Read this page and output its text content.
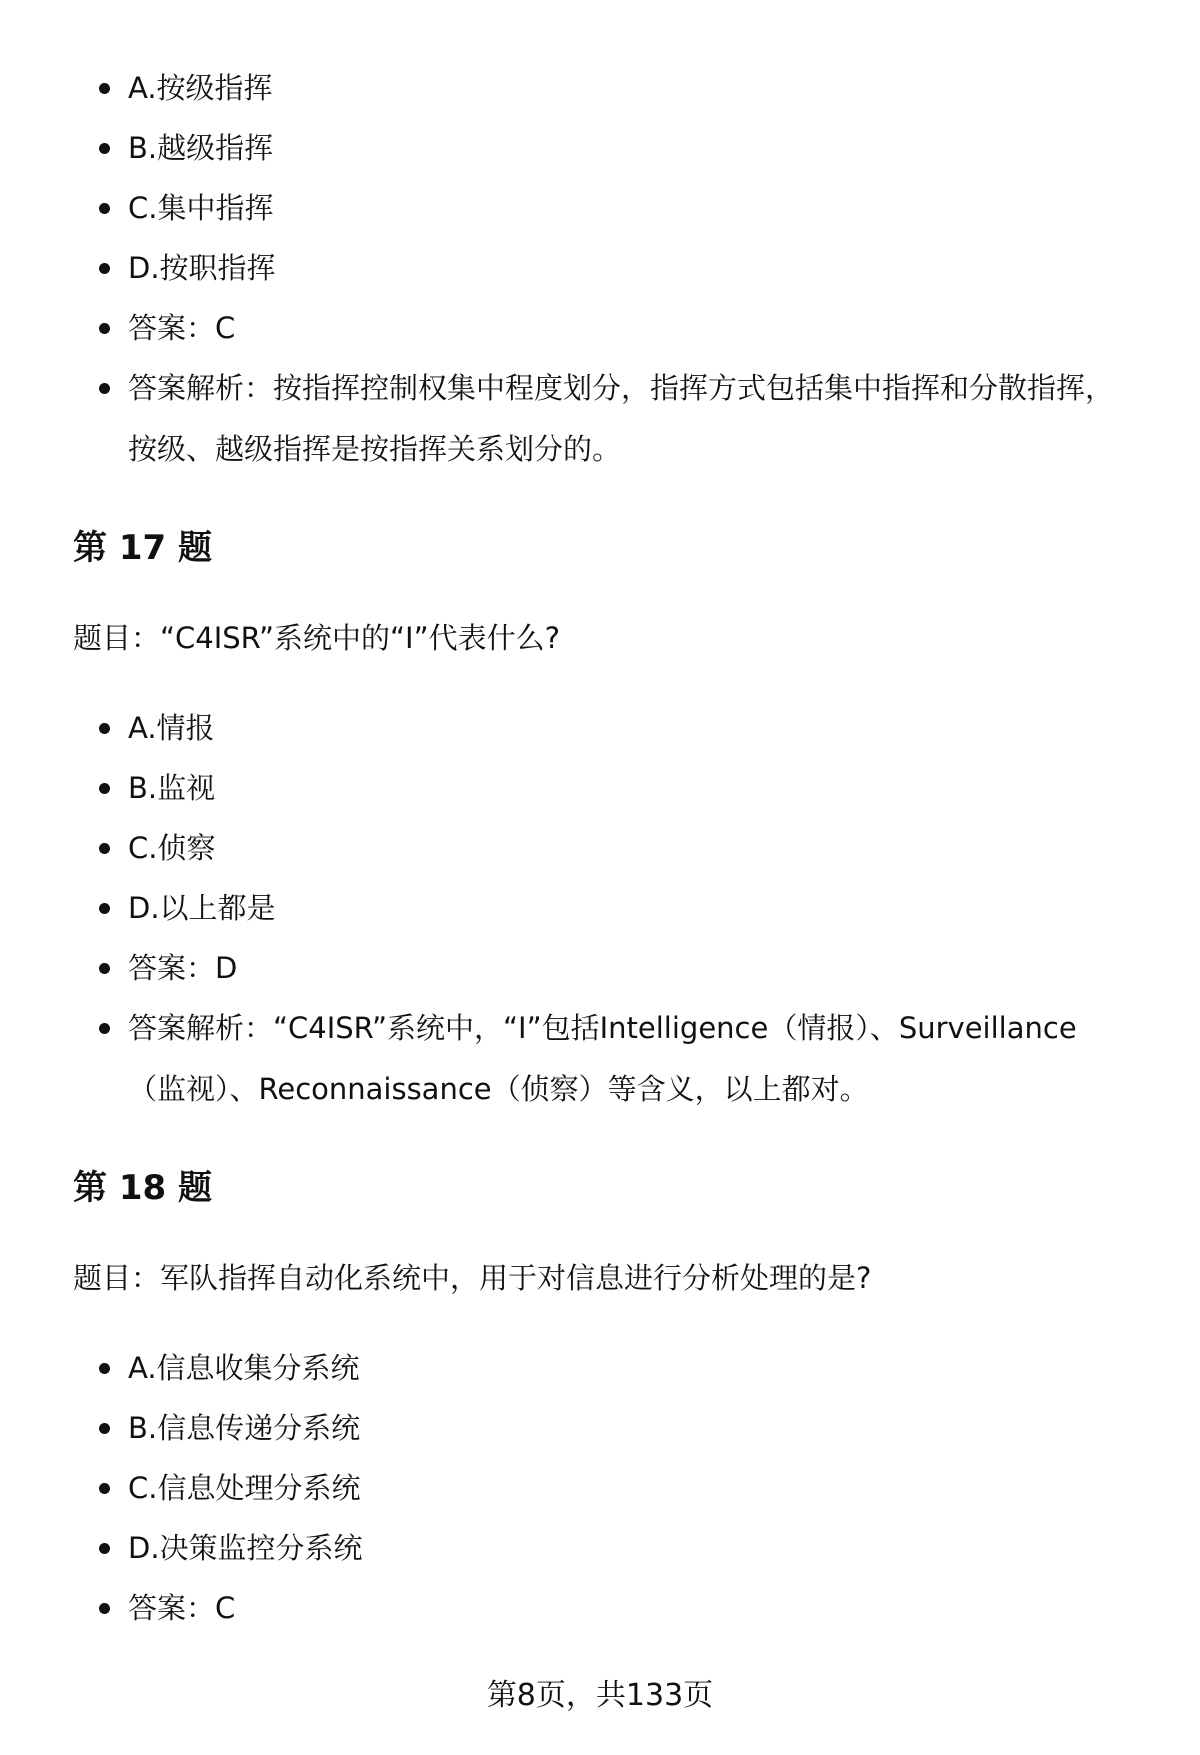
A.按级指挥
B.越级指挥
C.集中指挥
D.按职指挥
答案：C
答案解析：按指挥控制权集中程度划分，指挥方式包括集中指挥和分散指挥，按级、越级指挥是按指挥关系划分的。
第 17 题

题目：“C4ISR”系统中的“I”代表什么?

A.情报
B.监视
C.侦察
D.以上都是
答案：D
答案解析：“C4ISR”系统中，“I”包括Intelligence（情报）、Surveillance（监视）、Reconnaissance（侦察）等含义，以上都对。
第 18 题

题目：军队指挥自动化系统中，用于对信息进行分析处理的是?

A.信息收集分系统
B.信息传递分系统
C.信息处理分系统
D.决策监控分系统
答案：C
第8页，共133页
